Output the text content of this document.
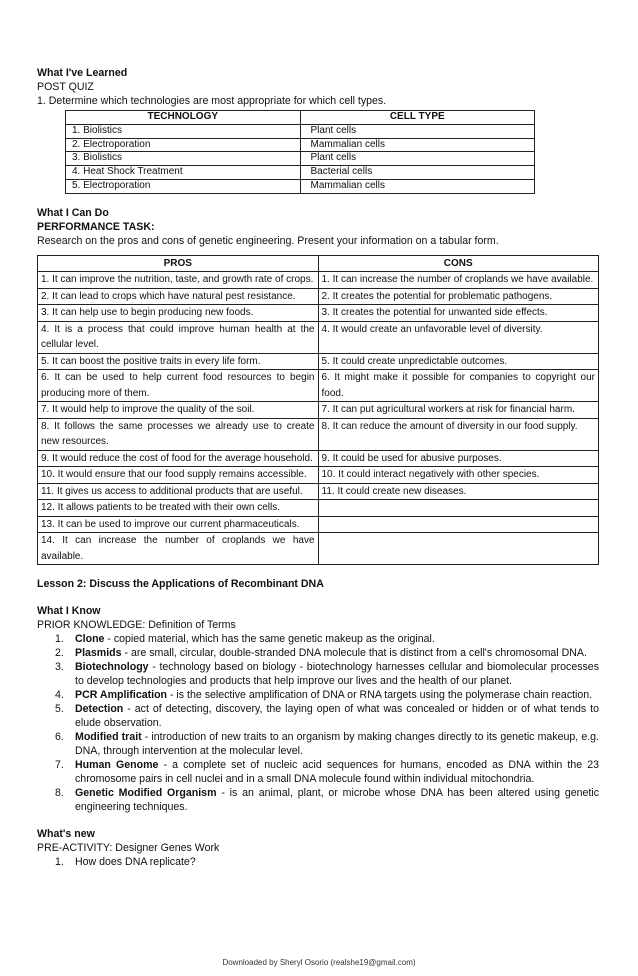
What I've Learned

POST QUIZ

1. Determine which technologies are most appropriate for which cell types.

TECHNOLOGY	CELL TYPE
1. Biolistics	Plant cells
2. Electroporation	Mammalian cells
3. Biolistics	Plant cells
4. Heat Shock Treatment	Bacterial cells
5. Electroporation	Mammalian cells

What I Can Do

PERFORMANCE TASK:

Research on the pros and cons of genetic engineering. Present your information on a tabular form.

PROS	CONS
1. It can improve the nutrition, taste, and growth rate of crops.	1. It can increase the number of croplands we have available.
2. It can lead to crops which have natural pest resistance.	2. It creates the potential for problematic pathogens.
3. It can help use to begin producing new foods.	3. It creates the potential for unwanted side effects.
4. It is a process that could improve human health at the cellular level.	4. It would create an unfavorable level of diversity.
5. It can boost the positive traits in every life form.	5. It could create unpredictable outcomes.
6. It can be used to help current food resources to begin producing more of them.	6. It might make it possible for companies to copyright our food.
7. It would help to improve the quality of the soil.	7. It can put agricultural workers at risk for financial harm.
8. It follows the same processes we already use to create new resources.	8. It can reduce the amount of diversity in our food supply.
9. It would reduce the cost of food for the average household.	9. It could be used for abusive purposes.
10. It would ensure that our food supply remains accessible.	10. It could interact negatively with other species.
11. It gives us access to additional products that are useful.	11. It could create new diseases.
12. It allows patients to be treated with their own cells.	
13. It can be used to improve our current pharmaceuticals.	
14. It can increase the number of croplands we have available.	

Lesson 2: Discuss the Applications of Recombinant DNA

What I Know

PRIOR KNOWLEDGE: Definition of Terms

1. Clone - copied material, which has the same genetic makeup as the original.
2. Plasmids - are small, circular, double-stranded DNA molecule that is distinct from a cell's chromosomal DNA.
3. Biotechnology - technology based on biology - biotechnology harnesses cellular and biomolecular processes to develop technologies and products that help improve our lives and the health of our planet.
4. PCR Amplification - is the selective amplification of DNA or RNA targets using the polymerase chain reaction.
5. Detection - act of detecting, discovery, the laying open of what was concealed or hidden or of what tends to elude observation.
6. Modified trait - introduction of new traits to an organism by making changes directly to its genetic makeup, e.g. DNA, through intervention at the molecular level.
7. Human Genome - a complete set of nucleic acid sequences for humans, encoded as DNA within the 23 chromosome pairs in cell nuclei and in a small DNA molecule found within individual mitochondria.
8. Genetic Modified Organism - is an animal, plant, or microbe whose DNA has been altered using genetic engineering techniques.

What's new

PRE-ACTIVITY: Designer Genes Work

1. How does DNA replicate?
Downloaded by Sheryl Osorio (realshe19@gmail.com)
